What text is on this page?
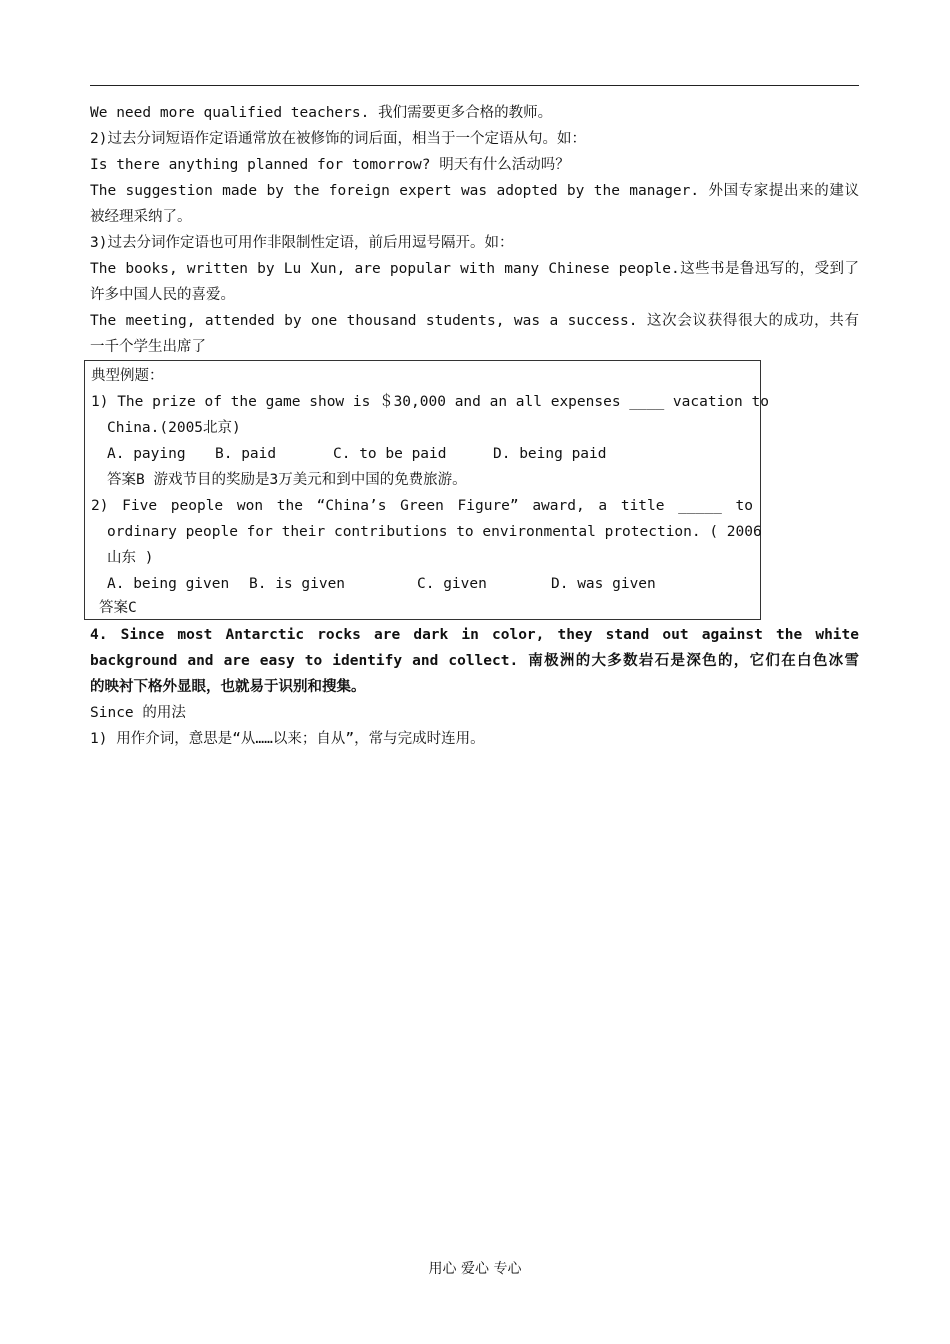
We need more qualified teachers. 我们需要更多合格的教师。
2)过去分词短语作定语通常放在被修饰的词后面，相当于一个定语从句。如：
Is there anything planned for tomorrow? 明天有什么活动吗？
The suggestion made by the foreign expert was adopted by the manager. 外国专家提出来的建议
被经理采纳了。
3)过去分词作定语也可用作非限制性定语，前后用逗号隔开。如：
The books, written by Lu Xun, are popular with many Chinese people.这些书是鲁迅写的，受到了
许多中国人民的喜爱。
The meeting, attended by one thousand students, was a success. 这次会议获得很大的成功，共有
一千个学生出席了
典型例题：
1) The prize of the game show is ＄30,000 and an all expenses ____ vacation to
China.(2005北京)
A. paying B. paid	C. to be paid	D. being paid
答案B 游戏节目的奖励是3万美元和到中国的免费旅游。
2) Five people won the “China’s Green Figure” award, a title _____ to
ordinary people for their contributions to environmental protection. ( 2006
山东 )
A. being given B. is given	C. given	D. was given
答案C
4. Since most Antarctic rocks are dark in color, they stand out against the white
background and are easy to identify and collect. 南极洲的大多数岩石是深色的，它们在白色冰雪
的映衬下格外显眼，也就易于识别和搜集。
Since 的用法
1) 用作介词，意思是“从……以来；自从”，常与完成时连用。
用心 爱心 专心
